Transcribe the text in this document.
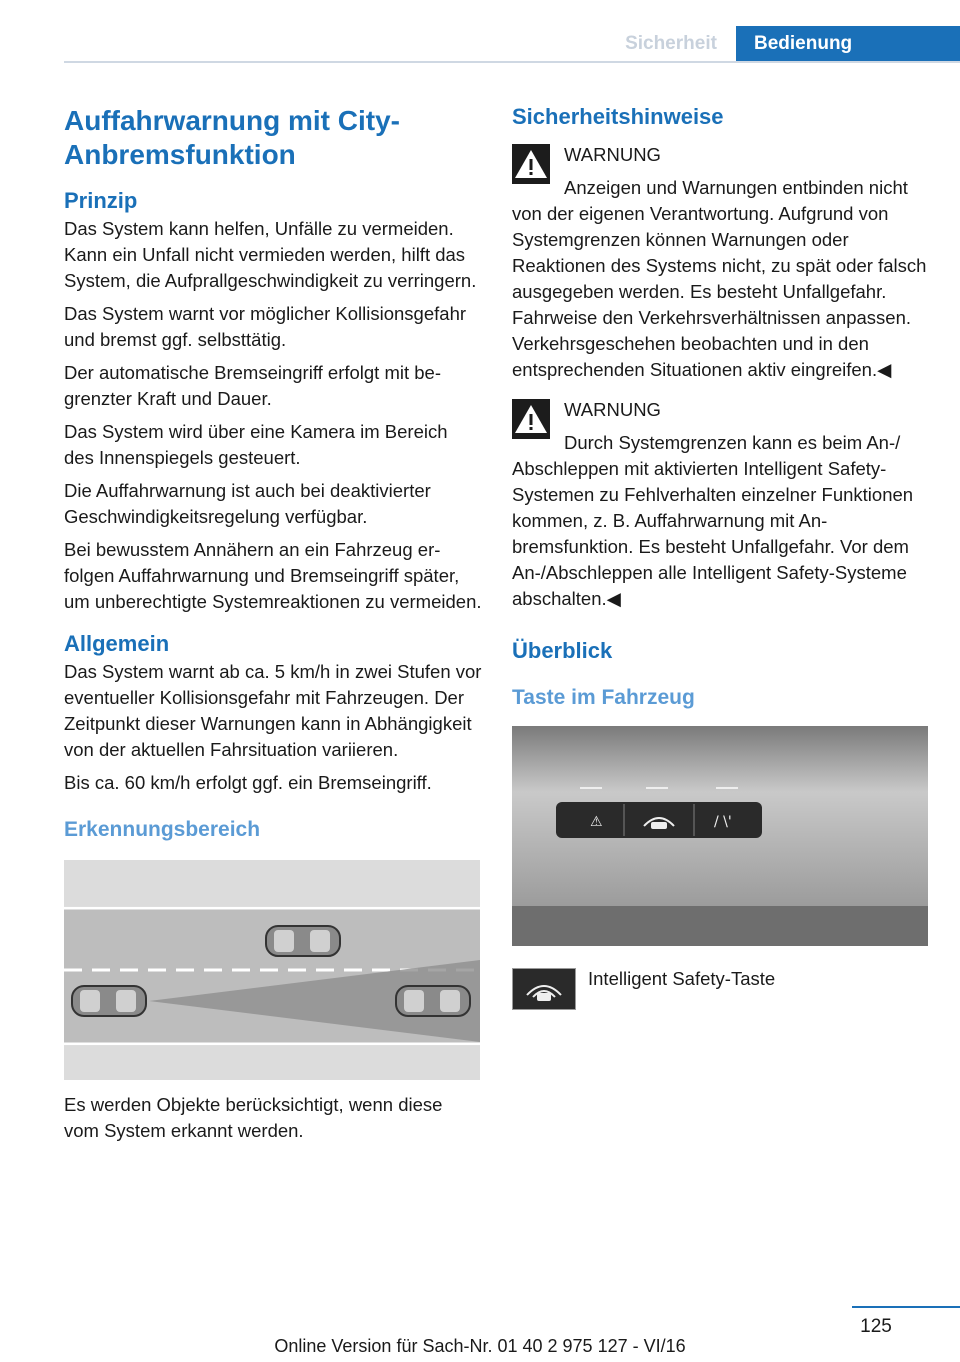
Sicherheit	Bedienung
Auffahrwarnung mit City-Anbremsfunktion
Prinzip

Das System kann helfen, Unfälle zu vermeiden. Kann ein Unfall nicht vermieden werden, hilft das System, die Aufprallgeschwindigkeit zu verringern.

Das System warnt vor möglicher Kollisionsgefahr und bremst ggf. selbsttätig.

Der automatische Bremseingriff erfolgt mit begrenzter Kraft und Dauer.

Das System wird über eine Kamera im Bereich des Innenspiegels gesteuert.

Die Auffahrwarnung ist auch bei deaktivierter Geschwindigkeitsregelung verfügbar.

Bei bewusstem Annähern an ein Fahrzeug erfolgen Auffahrwarnung und Bremseingriff später, um unberechtigte Systemreaktionen zu vermeiden.

Allgemein

Das System warnt ab ca. 5 km/h in zwei Stufen vor eventueller Kollisionsgefahr mit Fahrzeugen. Der Zeitpunkt dieser Warnungen kann in Abhängigkeit von der aktuellen Fahrsituation variieren.

Bis ca. 60 km/h erfolgt ggf. ein Bremseingriff.

Erkennungsbereich

Es werden Objekte berücksichtigt, wenn diese vom System erkannt werden.

Sicherheitshinweise

WARNUNG

Anzeigen und Warnungen entbinden nicht von der eigenen Verantwortung. Aufgrund von Systemgrenzen können Warnungen oder Reaktionen des Systems nicht, zu spät oder falsch ausgegeben werden. Es besteht Unfallgefahr. Fahrweise den Verkehrsverhältnissen anpassen. Verkehrsgeschehen beobachten und in den entsprechenden Situationen aktiv eingreifen.◀

WARNUNG

Durch Systemgrenzen kann es beim An-/ Abschleppen mit aktivierten Intelligent Safety-Systemen zu Fehlverhalten einzelner Funktionen kommen, z. B. Auffahrwarnung mit Anbremsfunktion. Es besteht Unfallgefahr. Vor dem An-/Abschleppen alle Intelligent Safety-Systeme abschalten.◀

Überblick
Taste im Fahrzeug
⚠	/ \'

Intelligent Safety-Taste

125
Online Version für Sach-Nr. 01 40 2 975 127 - VI/16
